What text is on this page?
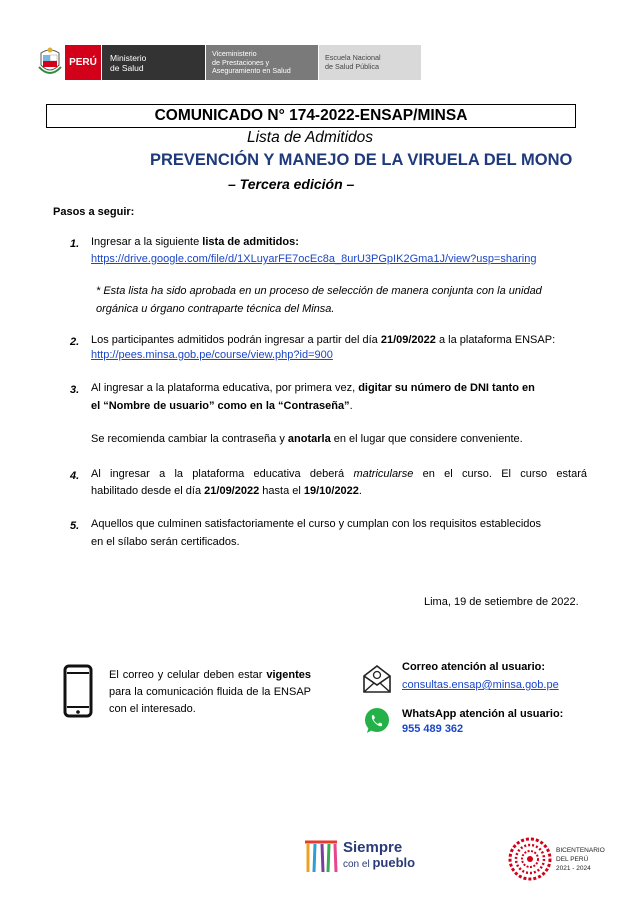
PERÚ	Ministerio
de Salud
Viceministerio
de Prestaciones y
Aseguramiento en Salud
Escuela Nacional
de Salud Pública
COMUNICADO N° 174-2022-ENSAP/MINSA
Lista de Admitidos
PREVENCIÓN Y MANEJO DE LA VIRUELA DEL MONO
– Tercera edición –
Pasos a seguir:
1. Ingresar a la siguiente lista de admitidos:
https://drive.google.com/file/d/1XLuyarFE7ocEc8a_8urU3PGpIK2Gma1J/view?usp=sharing
* Esta lista ha sido aprobada en un proceso de selección de manera conjunta con la unidad
orgánica u órgano contraparte técnica del Minsa.
2. Los participantes admitidos podrán ingresar a partir del día 21/09/2022 a la plataforma ENSAP:
http://pees.minsa.gob.pe/course/view.php?id=900
3. Al ingresar a la plataforma educativa, por primera vez, digitar su número de DNI tanto en
el “Nombre de usuario” como en la “Contraseña”.
Se recomienda cambiar la contraseña y anotarla en el lugar que considere conveniente.
4. Al ingresar a la plataforma educativa deberá matricularse en el curso. El curso estará
habilitado desde el día 21/09/2022 hasta el 19/10/2022.
5. Aquellos que culminen satisfactoriamente el curso y cumplan con los requisitos establecidos
en el sílabo serán certificados.
Lima, 19 de setiembre de 2022.
El correo y celular deben estar vigentes para la comunicación fluida de la ENSAP con el interesado.
Correo atención al usuario:
consultas.ensap@minsa.gob.pe
WhatsApp atención al usuario:
955 489 362
Siempre
con el pueblo
BICENTENARIO
DEL PERÚ
2021 - 2024
